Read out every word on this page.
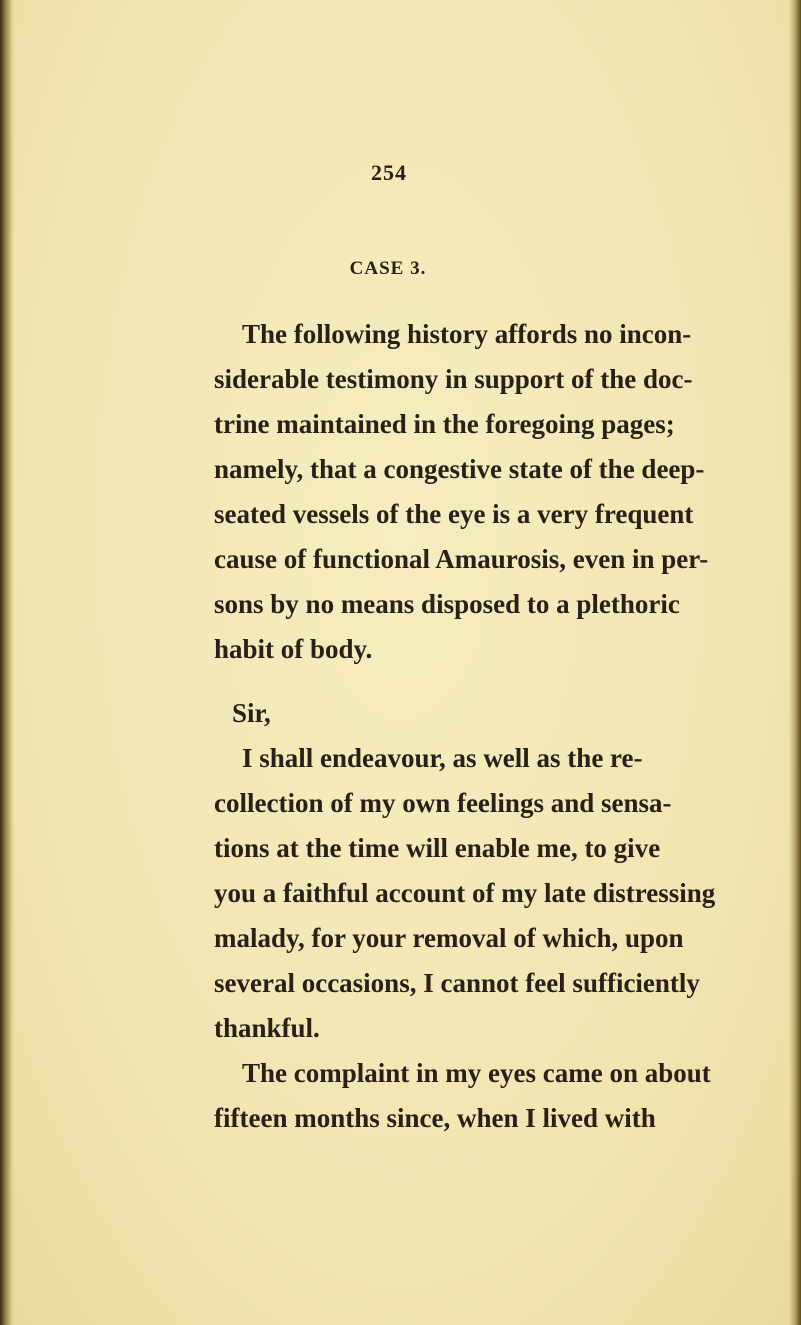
254
CASE 3.
The following history affords no incon-
siderable testimony in support of the doc-
trine maintained in the foregoing pages;
namely, that a congestive state of the deep-
seated vessels of the eye is a very frequent
cause of functional Amaurosis, even in per-
sons by no means disposed to a plethoric
habit of body.
Sir,
I shall endeavour, as well as the re-
collection of my own feelings and sensa-
tions at the time will enable me, to give
you a faithful account of my late distressing
malady, for your removal of which, upon
several occasions, I cannot feel sufficiently
thankful.
The complaint in my eyes came on about
fifteen months since, when I lived with
